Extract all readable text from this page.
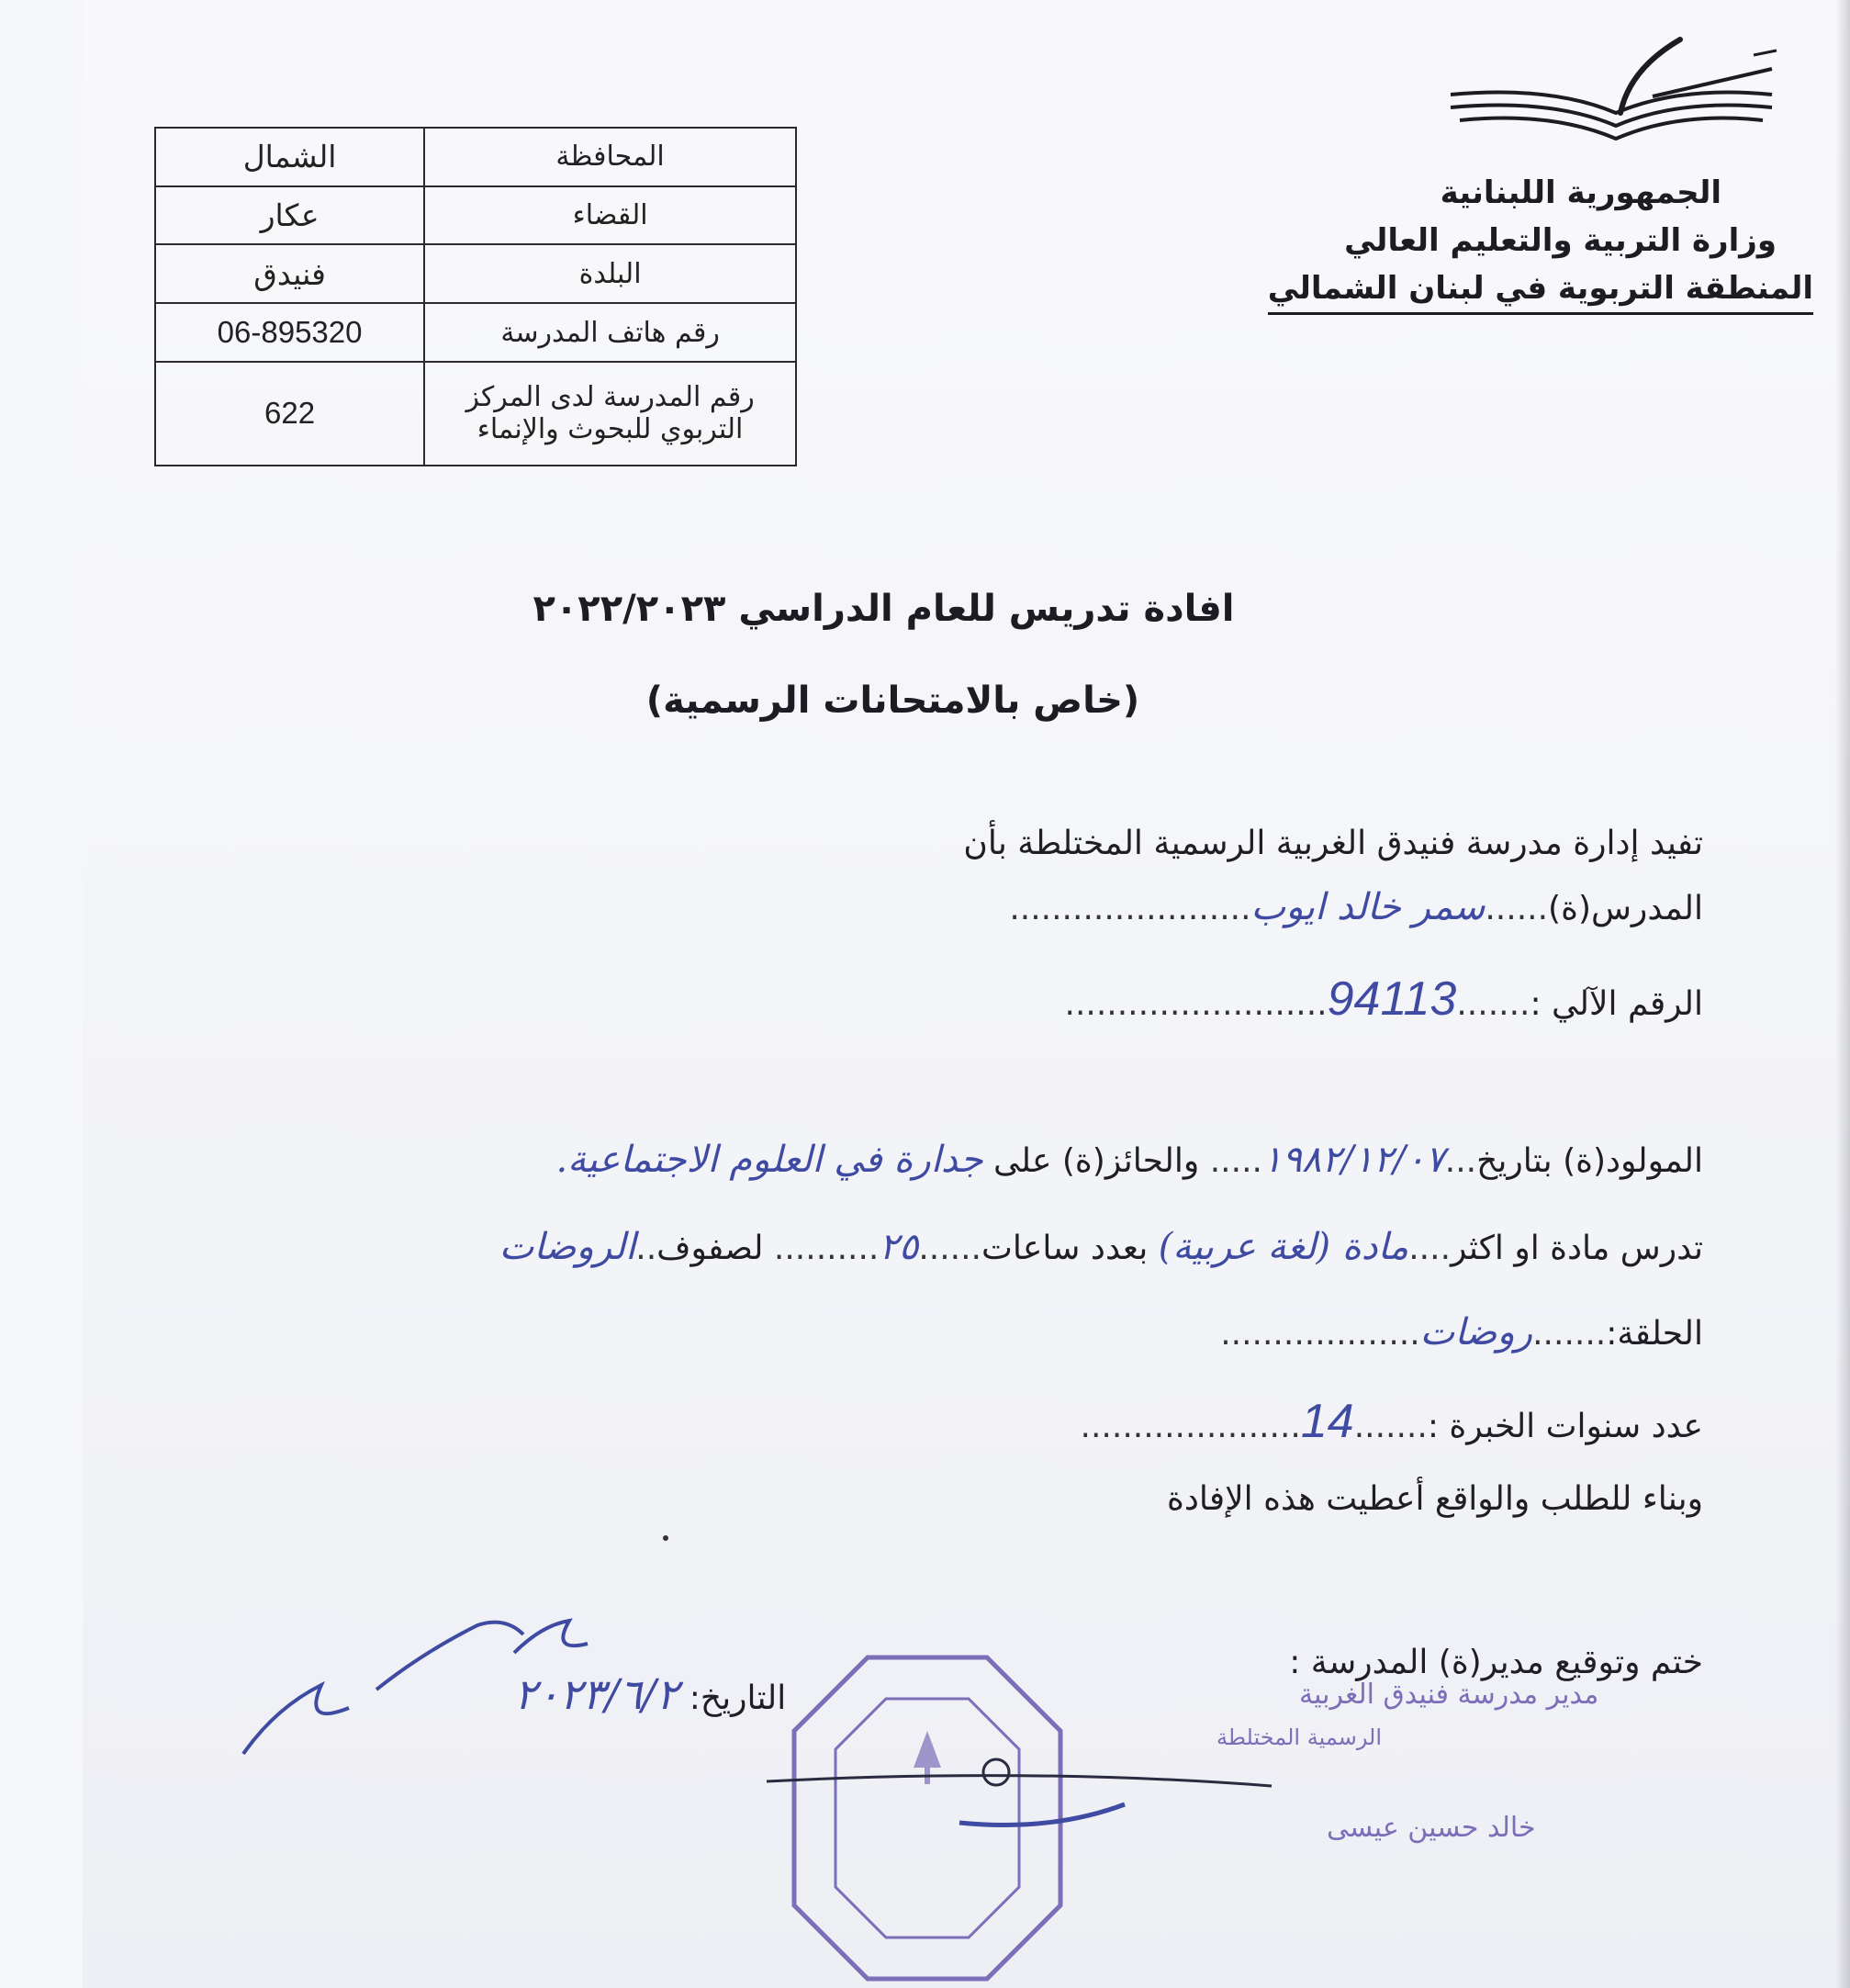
الجمهورية اللبنانية
وزارة التربية والتعليم العالي
المنطقة التربوية في لبنان الشمالي
المحافظة	الشمال
القضاء	عكار
البلدة	فنيدق
رقم هاتف المدرسة	06-895320

رقم المدرسة لدى المركز
التربوي للبحوث والإنماء	622
افادة تدريس للعام الدراسي ٢٠٢٢/٢٠٢٣
(خاص بالامتحانات الرسمية)
تفيد إدارة مدرسة فنيدق الغربية الرسمية المختلطة بأن
المدرس(ة)......سمر خالد ايوب.......................
الرقم الآلي :.......94113.........................
المولود(ة) بتاريخ...١٩٨٢/١٢/٠٧..... والحائز(ة) على جدارة في العلوم الاجتماعية.
تدرس مادة او اكثر....مادة (لغة عربية) بعدد ساعات......٢٥.......... لصفوف..الروضات
الحلقة:.......روضات...................
عدد سنوات الخبرة :.......14.....................
وبناء للطلب والواقع أعطيت هذه الإفادة
ختم وتوقيع مدير(ة) المدرسة :
التاريخ: ٢٠٢٣/٦/٢	مدير مدرسة فنيدق الغربية
الرسمية المختلطة
خالد حسين عيسى
